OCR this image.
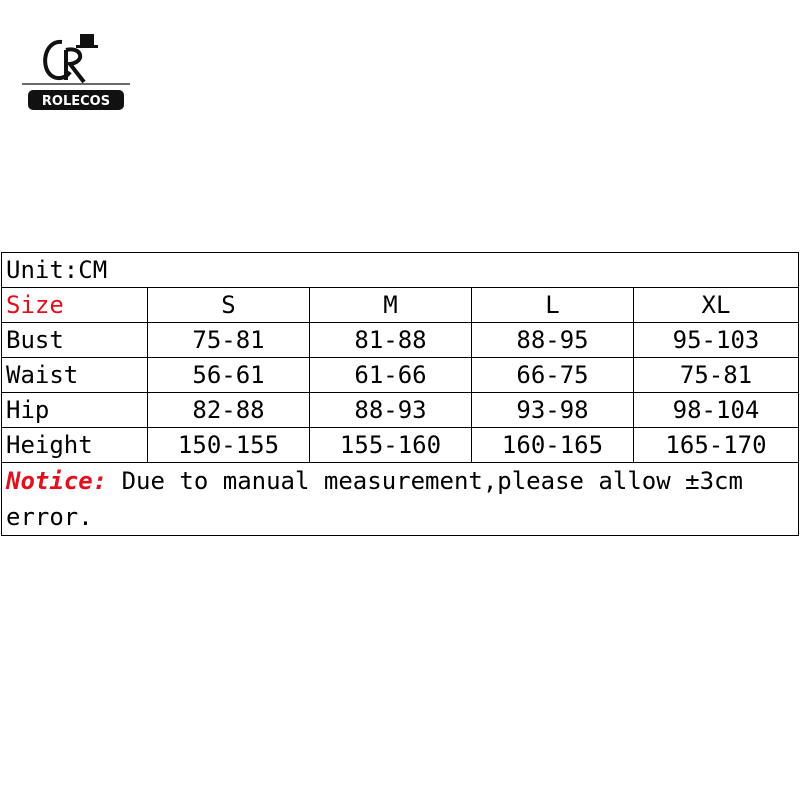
ROLECOS
Unit:CM				
Size	S	M	L	XL
Bust	75-81	81-88	88-95	95-103
Waist	56-61	61-66	66-75	75-81
Hip	82-88	88-93	93-98	98-104
Height	150-155	155-160	160-165	165-170
Notice: Due to manual measurement,please allow ±3cm error.				
